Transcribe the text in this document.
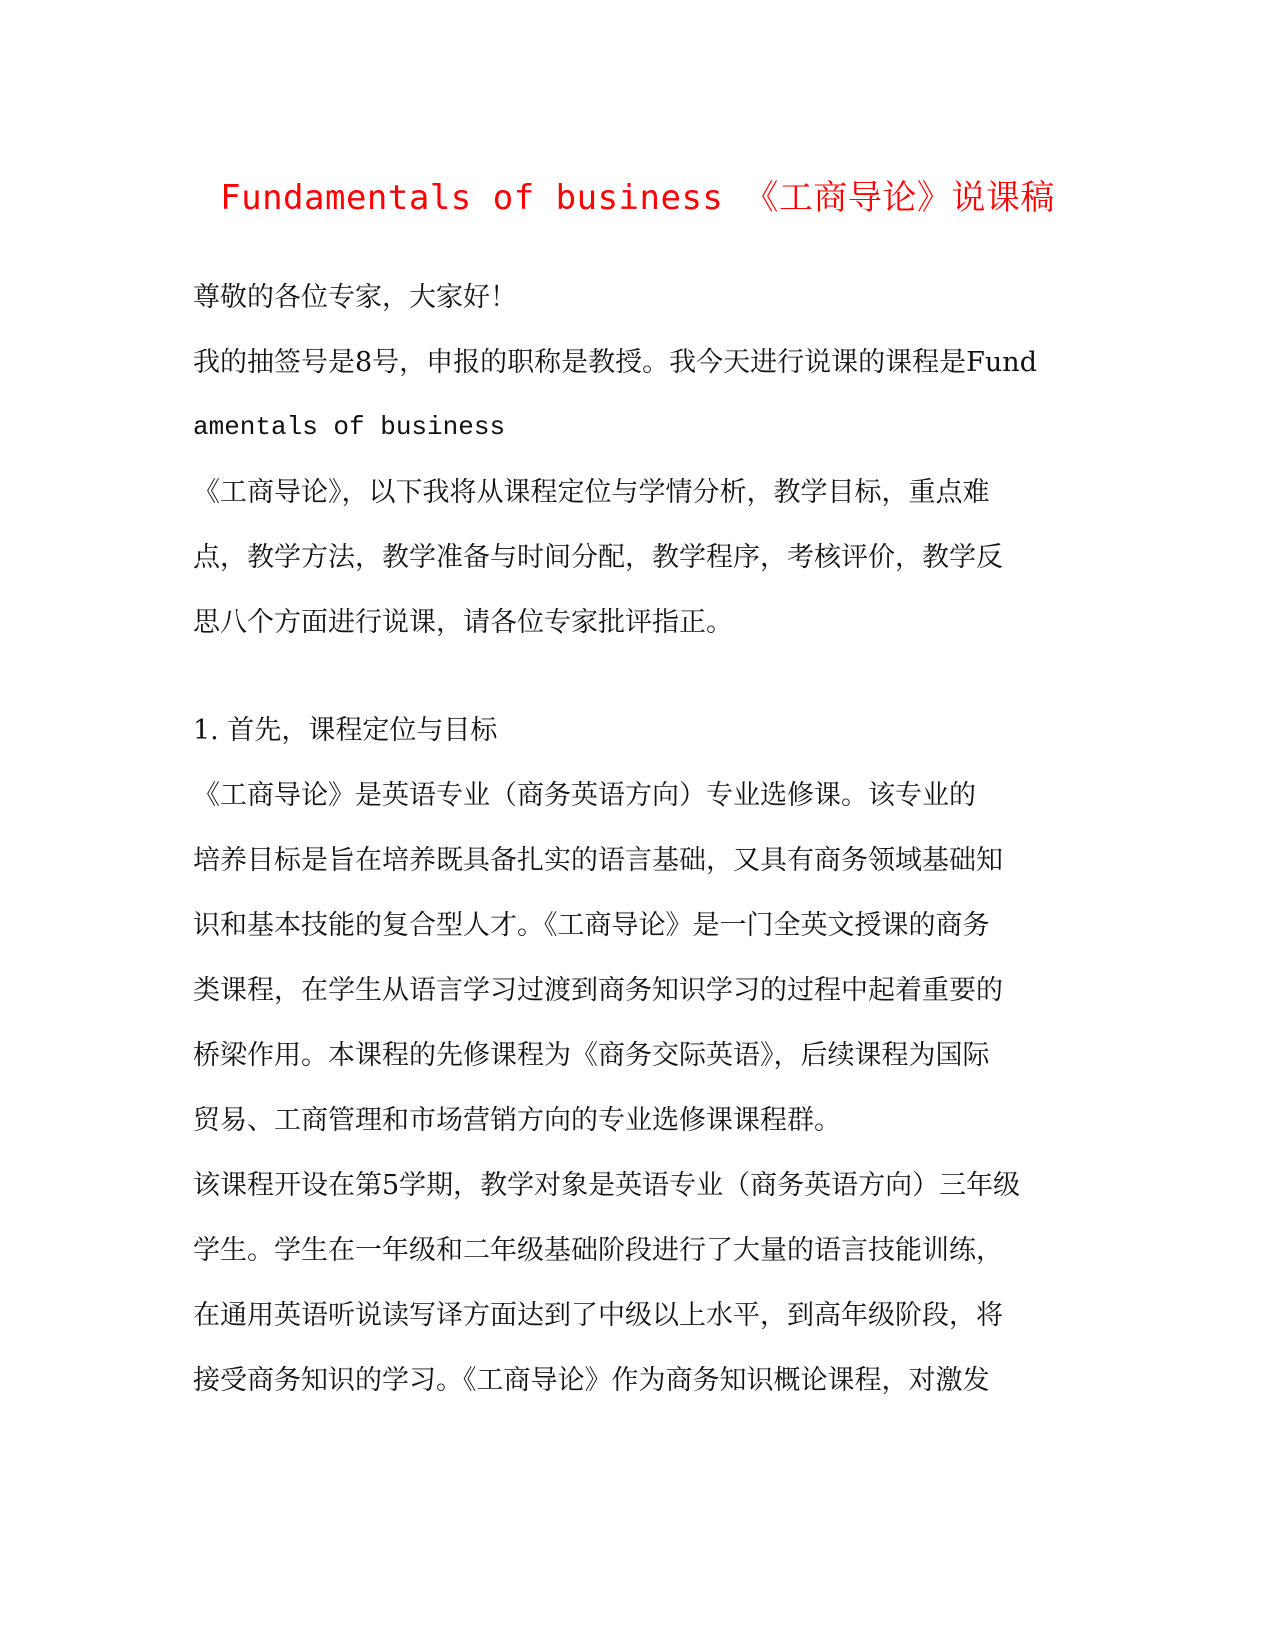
Fundamentals of business 《工商导论》说课稿
尊敬的各位专家，大家好！
我的抽签号是8号，申报的职称是教授。我今天进行说课的课程是Fund
amentals of business
《工商导论》，以下我将从课程定位与学情分析，教学目标，重点难
点，教学方法，教学准备与时间分配，教学程序，考核评价，教学反
思八个方面进行说课，请各位专家批评指正。
1. 首先，课程定位与目标
《工商导论》是英语专业（商务英语方向）专业选修课。该专业的
培养目标是旨在培养既具备扎实的语言基础，又具有商务领域基础知
识和基本技能的复合型人才。《工商导论》是一门全英文授课的商务
类课程，在学生从语言学习过渡到商务知识学习的过程中起着重要的
桥梁作用。本课程的先修课程为《商务交际英语》，后续课程为国际
贸易、工商管理和市场营销方向的专业选修课课程群。
该课程开设在第5学期，教学对象是英语专业（商务英语方向）三年级
学生。学生在一年级和二年级基础阶段进行了大量的语言技能训练，
在通用英语听说读写译方面达到了中级以上水平，到高年级阶段，将
接受商务知识的学习。《工商导论》作为商务知识概论课程，对激发
